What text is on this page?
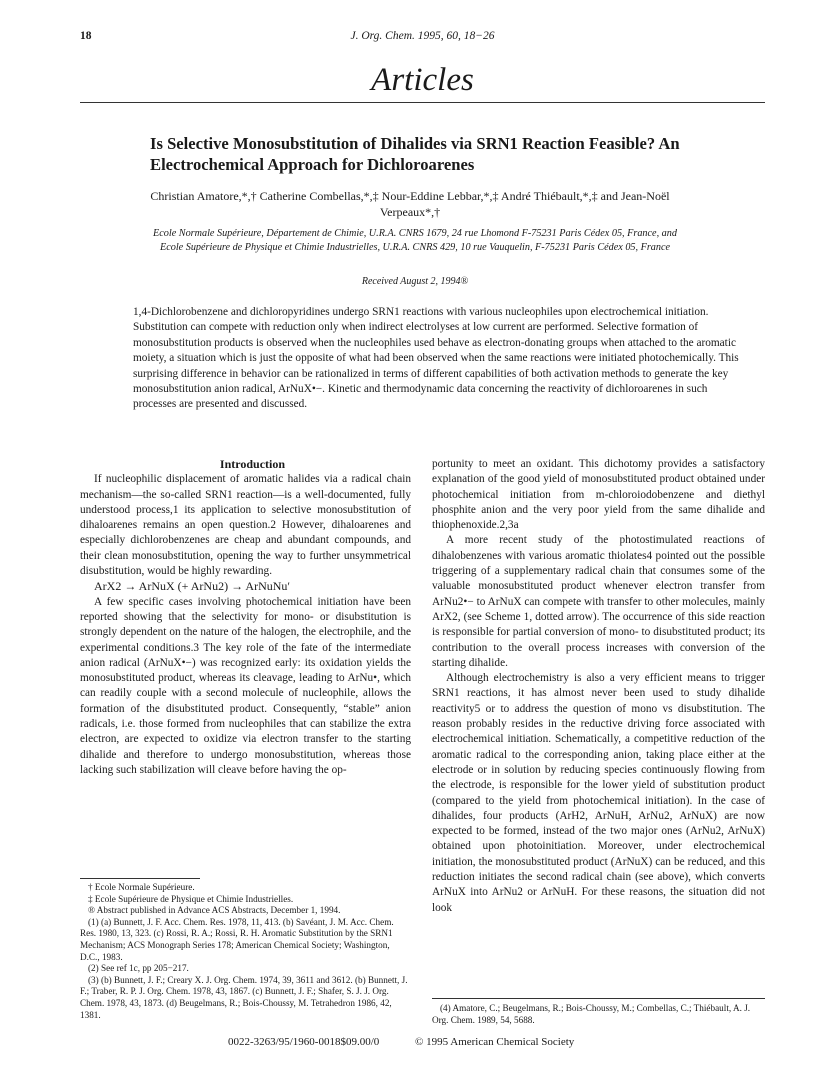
18	J. Org. Chem. 1995, 60, 18−26
Articles
Is Selective Monosubstitution of Dihalides via SRN1 Reaction Feasible? An Electrochemical Approach for Dichloroarenes
Christian Amatore,*,† Catherine Combellas,*,‡ Nour-Eddine Lebbar,*,‡ André Thiébault,*,‡ and Jean-Noël Verpeaux*,†
Ecole Normale Supérieure, Département de Chimie, U.R.A. CNRS 1679, 24 rue Lhomond F-75231 Paris Cédex 05, France, and Ecole Supérieure de Physique et Chimie Industrielles, U.R.A. CNRS 429, 10 rue Vauquelin, F-75231 Paris Cédex 05, France
Received August 2, 1994®
1,4-Dichlorobenzene and dichloropyridines undergo SRN1 reactions with various nucleophiles upon electrochemical initiation. Substitution can compete with reduction only when indirect electrolyses at low current are performed. Selective formation of monosubstitution products is observed when the nucleophiles used behave as electron-donating groups when attached to the aromatic moiety, a situation which is just the opposite of what had been observed when the same reactions were initiated photochemically. This surprising difference in behavior can be rationalized in terms of different capabilities of both activation methods to generate the key monosubstitution anion radical, ArNuX•−. Kinetic and thermodynamic data concerning the reactivity of dichloroarenes in such processes are presented and discussed.

Introduction

If nucleophilic displacement of aromatic halides via a radical chain mechanism—the so-called SRN1 reaction—is a well-documented, fully understood process,1 its application to selective monosubstitution of dihaloarenes remains an open question.2 However, dihaloarenes and especially dichlorobenzenes are cheap and abundant compounds, and their clean monosubstitution, opening the way to further unsymmetrical disubstitution, would be highly rewarding.

ArX2 → ArNuX (+ ArNu2) → ArNuNu′

A few specific cases involving photochemical initiation have been reported showing that the selectivity for mono- or disubstitution is strongly dependent on the nature of the halogen, the electrophile, and the experimental conditions.3 The key role of the fate of the intermediate anion radical (ArNuX•−) was recognized early: its oxidation yields the monosubstituted product, whereas its cleavage, leading to ArNu•, which can readily couple with a second molecule of nucleophile, allows the formation of the disubstituted product. Consequently, “stable” anion radicals, i.e. those formed from nucleophiles that can stabilize the extra electron, are expected to oxidize via electron transfer to the starting dihalide and therefore to undergo monosubstitution, whereas those lacking such stabilization will cleave before having the op-

portunity to meet an oxidant. This dichotomy provides a satisfactory explanation of the good yield of monosubstituted product obtained under photochemical initiation from m-chloroiodobenzene and diethyl phosphite anion and the very poor yield from the same dihalide and thiophenoxide.2,3a

A more recent study of the photostimulated reactions of dihalobenzenes with various aromatic thiolates4 pointed out the possible triggering of a supplementary radical chain that consumes some of the valuable monosubstituted product whenever electron transfer from ArNu2•− to ArNuX can compete with transfer to other molecules, mainly ArX2, (see Scheme 1, dotted arrow). The occurrence of this side reaction is responsible for partial conversion of mono- to disubstituted product; its contribution to the overall process increases with conversion of the starting dihalide.

Although electrochemistry is also a very efficient means to trigger SRN1 reactions, it has almost never been used to study dihalide reactivity5 or to address the question of mono vs disubstitution. The reason probably resides in the reductive driving force associated with electrochemical initiation. Schematically, a competitive reduction of the aromatic radical to the corresponding anion, taking place either at the electrode or in solution by reducing species continuously flowing from the electrode, is responsible for the lower yield of substitution product (compared to the yield from photochemical initiation). In the case of dihalides, four products (ArH2, ArNuH, ArNu2, ArNuX) are now expected to be formed, instead of the two major ones (ArNu2, ArNuX) obtained upon photoinitiation. Moreover, under electrochemical initiation, the monosubstituted product (ArNuX) can be reduced, and this reduction initiates the second radical chain (see above), which converts ArNuX into ArNu2 or ArNuH. For these reasons, the situation did not look

† Ecole Normale Supérieure.
‡ Ecole Supérieure de Physique et Chimie Industrielles.
® Abstract published in Advance ACS Abstracts, December 1, 1994.
(1) (a) Bunnett, J. F. Acc. Chem. Res. 1978, 11, 413. (b) Savéant, J. M. Acc. Chem. Res. 1980, 13, 323. (c) Rossi, R. A.; Rossi, R. H. Aromatic Substitution by the SRN1 Mechanism; ACS Monograph Series 178; American Chemical Society; Washington, D.C., 1983.
(2) See ref 1c, pp 205−217.
(3) (b) Bunnett, J. F.; Creary X. J. Org. Chem. 1974, 39, 3611 and 3612. (b) Bunnett, J. F.; Traber, R. P. J. Org. Chem. 1978, 43, 1867. (c) Bunnett, J. F.; Shafer, S. J. J. Org. Chem. 1978, 43, 1873. (d) Beugelmans, R.; Bois-Choussy, M. Tetrahedron 1986, 42, 1381.
(4) Amatore, C.; Beugelmans, R.; Bois-Choussy, M.; Combellas, C.; Thiébault, A. J. Org. Chem. 1989, 54, 5688.
0022-3263/95/1960-0018$09.00/0	© 1995 American Chemical Society
